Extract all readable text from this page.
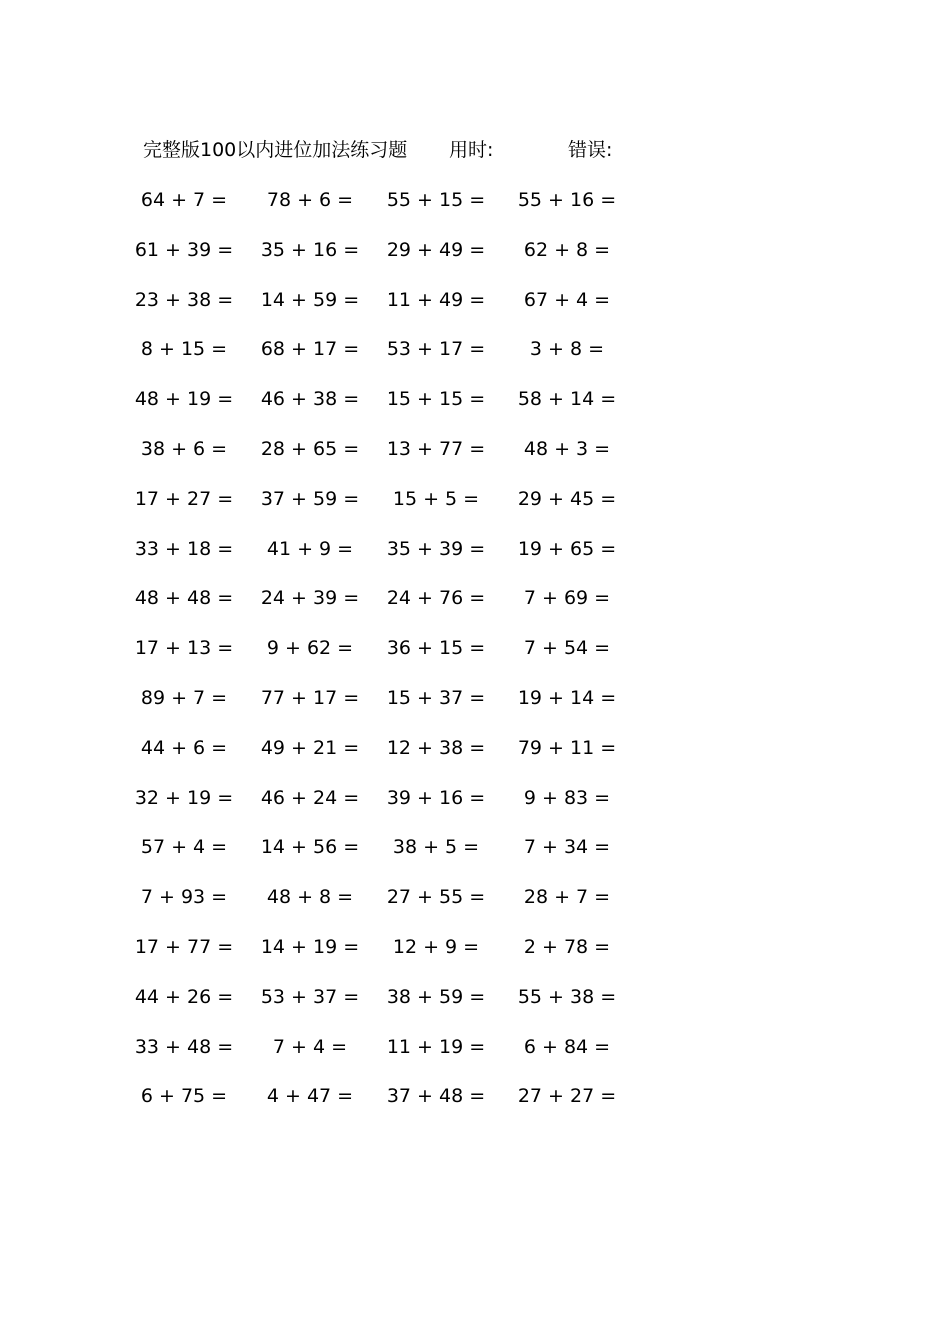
完整版100以内进位加法练习题 用时:	错误:
64 + 7 =	78 + 6 =	55 + 15 = 55 + 16 =
61 + 39 = 35 + 16 = 29 + 49 =	62 + 8 =
23 + 38 = 14 + 59 = 11 + 49 =	67 + 4 =
8 + 15 =	68 + 17 = 53 + 17 =	3 + 8 =
48 + 19 = 46 + 38 = 15 + 15 = 58 + 14 =
38 + 6 =	28 + 65 = 13 + 77 =	48 + 3 =
17 + 27 = 37 + 59 =	15 + 5 =	29 + 45 =
33 + 18 =	41 + 9 =	35 + 39 = 19 + 65 =
48 + 48 = 24 + 39 = 24 + 76 =	7 + 69 =
17 + 13 =	9 + 62 =	36 + 15 =	7 + 54 =
89 + 7 =	77 + 17 = 15 + 37 = 19 + 14 =
44 + 6 =	49 + 21 = 12 + 38 = 79 + 11 =
32 + 19 = 46 + 24 = 39 + 16 =	9 + 83 =
57 + 4 =	14 + 56 =	38 + 5 =	7 + 34 =
7 + 93 =	48 + 8 =	27 + 55 =	28 + 7 =
17 + 77 = 14 + 19 =	12 + 9 =	2 + 78 =
44 + 26 = 53 + 37 = 38 + 59 = 55 + 38 =
33 + 48 =	7 + 4 =	11 + 19 =	6 + 84 =
6 + 75 =	4 + 47 =	37 + 48 = 27 + 27 =
